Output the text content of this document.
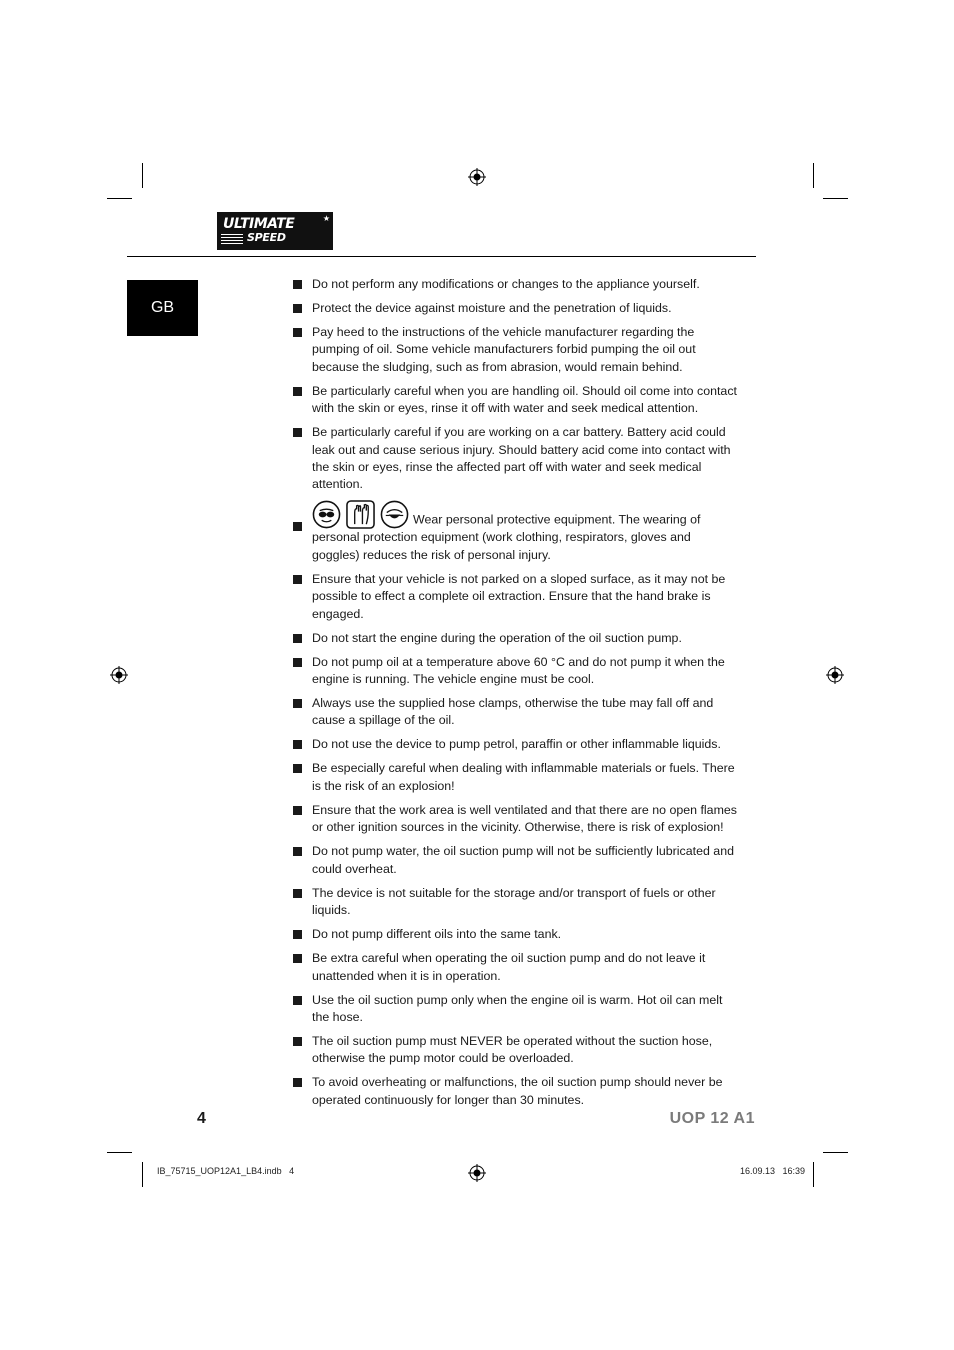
ULTIMATE
SPEED
★
GB
Do not perform any modifications or changes to the appliance yourself.
Protect the device against moisture and the penetration of liquids.
Pay heed to the instructions of the vehicle manufacturer regarding the pumping of oil. Some vehicle manufacturers forbid pumping the oil out because the sludging, such as from abrasion, would remain behind.
Be particularly careful when you are handling oil. Should oil come into contact with the skin or eyes, rinse it off with water and seek medical attention.
Be particularly careful if you are working on a car battery. Battery acid could leak out and cause serious injury. Should battery acid come into contact with the skin or eyes, rinse the affected part off with water and seek medical attention.
Wear personal protective equipment. The wearing of personal protection equipment (work clothing, respirators, gloves and goggles) reduces the risk of personal injury.
Ensure that your vehicle is not parked on a sloped surface, as it may not be possible to effect a complete oil extraction. Ensure that the hand brake is engaged.
Do not start the engine during the operation of the oil suction pump.
Do not pump oil at a temperature above 60 °C and do not pump it when the engine is running. The vehicle engine must be cool.
Always use the supplied hose clamps, otherwise the tube may fall off and cause a spillage of the oil.
Do not use the device to pump petrol, paraffin or other inflammable liquids.
Be especially careful when dealing with inflammable materials or fuels. There is the risk of an explosion!
Ensure that the work area is well ventilated and that there are no open flames or other ignition sources in the vicinity. Otherwise, there is risk of explosion!
Do not pump water, the oil suction pump will not be sufficiently lubricated and could overheat.
The device is not suitable for the storage and/or transport of fuels or other liquids.
Do not pump different oils into the same tank.
Be extra careful when operating the oil suction pump and do not leave it unattended when it is in operation.
Use the oil suction pump only when the engine oil is warm. Hot oil can melt the hose.
The oil suction pump must NEVER be operated without the suction hose, otherwise the pump motor could be overloaded.
To avoid overheating or malfunctions, the oil suction pump should never be operated continuously for longer than 30 minutes.
4	UOP 12 A1
IB_75715_UOP12A1_LB4.indb   4	16.09.13   16:39
